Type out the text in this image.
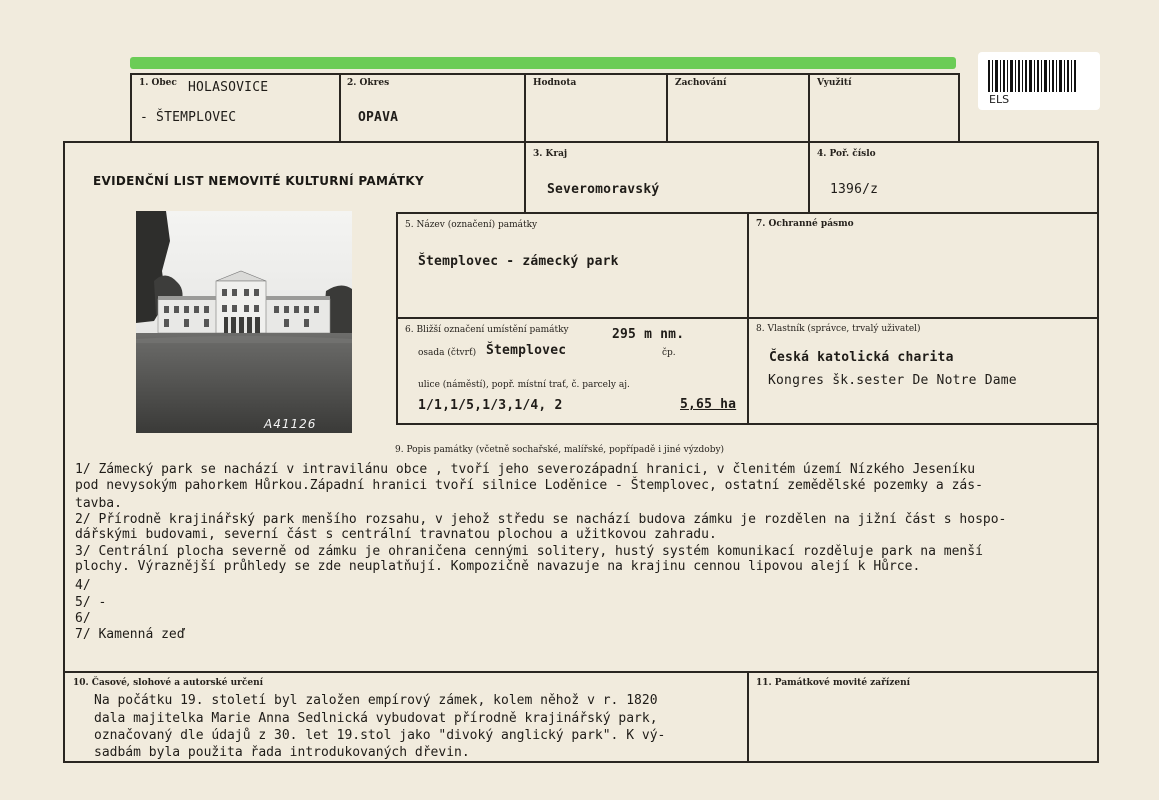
ELS
1. Obec HOLASOVICE
- ŠTEMPLOVEC
2. Okres
OPAVA
Hodnota	Zachování	Využití
EVIDENČNÍ LIST NEMOVITÉ KULTURNÍ PAMÁTKY
3. Kraj
Severomoravský
4. Poř. číslo
1396/z
5. Název (označení) památky
Štemplovec - zámecký park
7. Ochranné pásmo
6. Bližší označení umístění památky	295 m nm.
osada (čtvrť) Štemplovec	čp.
ulice (náměstí), popř. místní trať, č. parcely aj.
1/1,1/5,1/3,1/4, 2	5,65 ha
8. Vlastník (správce, trvalý uživatel)
Česká katolická charita
Kongres šk.sester De Notre Dame
A41126
9. Popis památky (včetně sochařské, malířské, popřípadě i jiné výzdoby)
1/ Zámecký park se nachází v intravilánu obce , tvoří jeho severozápadní hranici, v členitém území Nízkého Jeseníku
pod nevysokým pahorkem Hůrkou.Západní hranici tvoří silnice Loděnice - Štemplovec, ostatní zemědělské pozemky a zás-
tavba.
2/ Přírodně krajinářský park menšího rozsahu, v jehož středu se nachází budova zámku je rozdělen na jižní část s hospo-
dářskými budovami, severní část s centrální travnatou plochou a užitkovou zahradu.
3/ Centrální plocha severně od zámku je ohraničena cennými solitery, hustý systém komunikací rozděluje park na menší
plochy. Výraznější průhledy se zde neuplatňují. Kompozičně navazuje na krajinu cennou lipovou alejí k Hůrce.
4/
5/ -
6/
7/ Kamenná zeď
10. Časové, slohové a autorské určení
Na počátku 19. století byl založen empírový zámek, kolem něhož v r. 1820
dala majitelka Marie Anna Sedlnická vybudovat přírodně krajinářský park,
označovaný dle údajů z 30. let 19.stol jako "divoký anglický park". K vý-
sadbám byla použita řada introdukovaných dřevin.
11. Památkové movité zařízení
